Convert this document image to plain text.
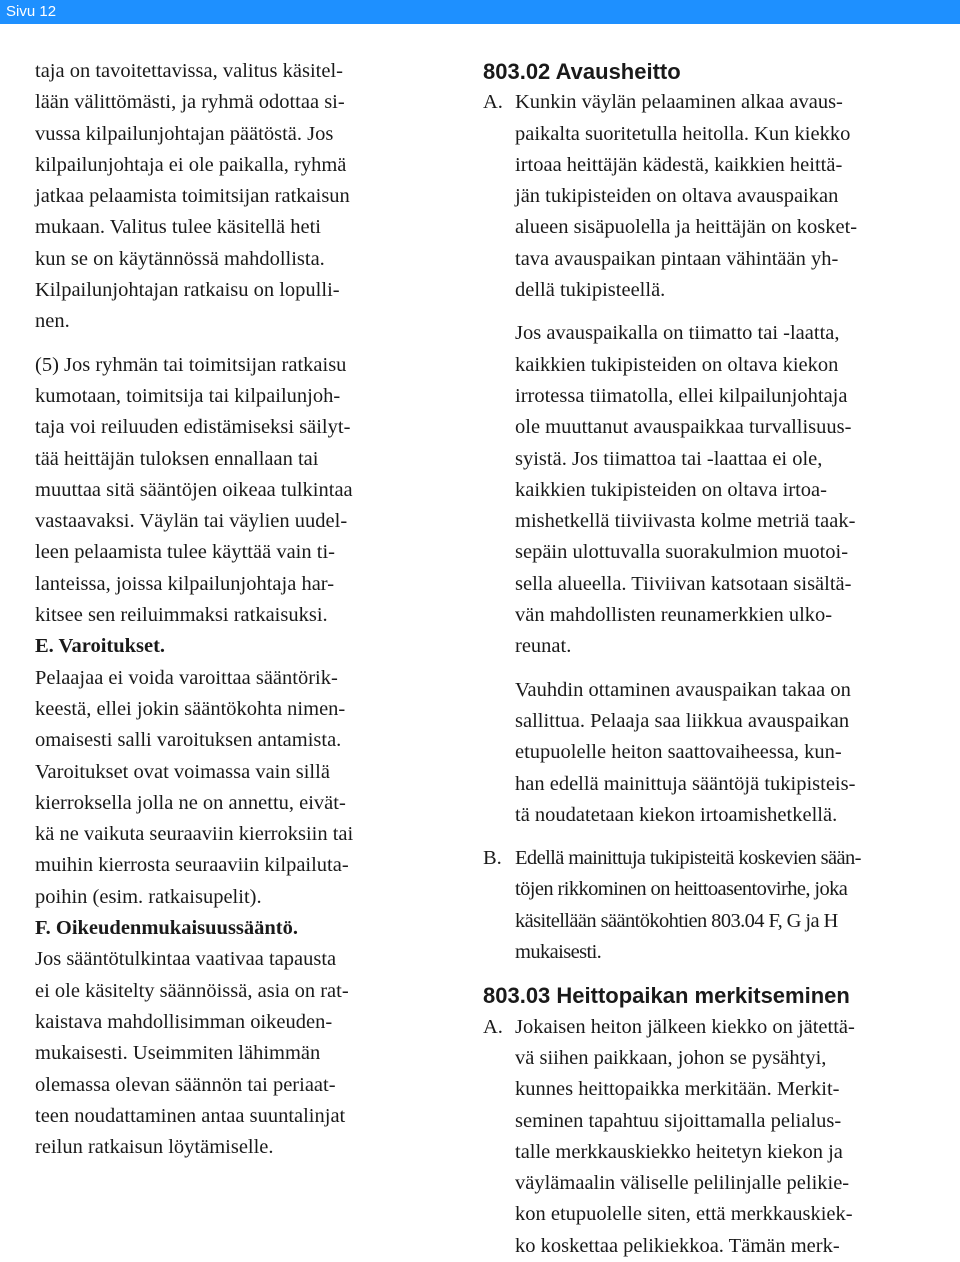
Sivu 12
taja on tavoitettavissa, valitus käsitel-
lään välittömästi, ja ryhmä odottaa si-
vussa kilpailunjohtajan päätöstä. Jos
kilpailunjohtaja ei ole paikalla, ryhmä
jatkaa pelaamista toimitsijan ratkaisun
mukaan. Valitus tulee käsitellä heti
kun se on käytännössä mahdollista.
Kilpailunjohtajan ratkaisu on lopulli-
nen.
(5) Jos ryhmän tai toimitsijan ratkaisu
kumotaan, toimitsija tai kilpailunjoh-
taja voi reiluuden edistämiseksi säilyt-
tää heittäjän tuloksen ennallaan tai
muuttaa sitä sääntöjen oikeaa tulkintaa
vastaavaksi. Väylän tai väylien uudel-
leen pelaamista tulee käyttää vain ti-
lanteissa, joissa kilpailunjohtaja har-
kitsee sen reiluimmaksi ratkaisuksi.
E. Varoitukset.
Pelaajaa ei voida varoittaa sääntörik-
keestä, ellei jokin sääntökohta nimen-
omaisesti salli varoituksen antamista.
Varoitukset ovat voimassa vain sillä
kierroksella jolla ne on annettu, eivät-
kä ne vaikuta seuraaviin kierroksiin tai
muihin kierrosta seuraaviin kilpailuta-
poihin (esim. ratkaisupelit).
F. Oikeudenmukaisuussääntö.
Jos sääntötulkintaa vaativaa tapausta
ei ole käsitelty säännöissä, asia on rat-
kaistava mahdollisimman oikeuden-
mukaisesti. Useimmiten lähimmän
olemassa olevan säännön tai periaat-
teen noudattaminen antaa suuntalinjat
reilun ratkaisun löytämiselle.
803.02 Avausheitto
A. Kunkin väylän pelaaminen alkaa avaus-
paikalta suoritetulla heitolla. Kun kiekko
irtoaa heittäjän kädestä, kaikkien heittä-
jän tukipisteiden on oltava avauspaikan
alueen sisäpuolella ja heittäjän on kosket-
tava avauspaikan pintaan vähintään yh-
dellä tukipisteellä.
Jos avauspaikalla on tiimatto tai -laatta,
kaikkien tukipisteiden on oltava kiekon
irrotessa tiimatolla, ellei kilpailunjohtaja
ole muuttanut avauspaikkaa turvallisuus-
syistä. Jos tiimattoa tai -laattaa ei ole,
kaikkien tukipisteiden on oltava irtoa-
mishetkellä tiiviivasta kolme metriä taak-
sepäin ulottuvalla suorakulmion muotoi-
sella alueella. Tiiviivan katsotaan sisältä-
vän mahdollisten reunamerkkien ulko-
reunat.
Vauhdin ottaminen avauspaikan takaa on
sallittua. Pelaaja saa liikkua avauspaikan
etupuolelle heiton saattovaiheessa, kun-
han edellä mainittuja sääntöjä tukipisteis-
tä noudatetaan kiekon irtoamishetkellä.
B. Edellä mainittuja tukipisteitä koskevien sään-
töjen rikkominen on heittoasentovirhe, joka
käsitellään sääntökohtien 803.04 F, G ja H
mukaisesti.
803.03 Heittopaikan merkitseminen
A. Jokaisen heiton jälkeen kiekko on jätettä-
vä siihen paikkaan, johon se pysähtyi,
kunnes heittopaikka merkitään. Merkit-
seminen tapahtuu sijoittamalla pelialus-
talle merkkauskiekko heitetyn kiekon ja
väylämaalin väliselle pelilinjalle pelikie-
kon etupuolelle siten, että merkkauskiek-
ko koskettaa pelikiekkoa. Tämän merk-
